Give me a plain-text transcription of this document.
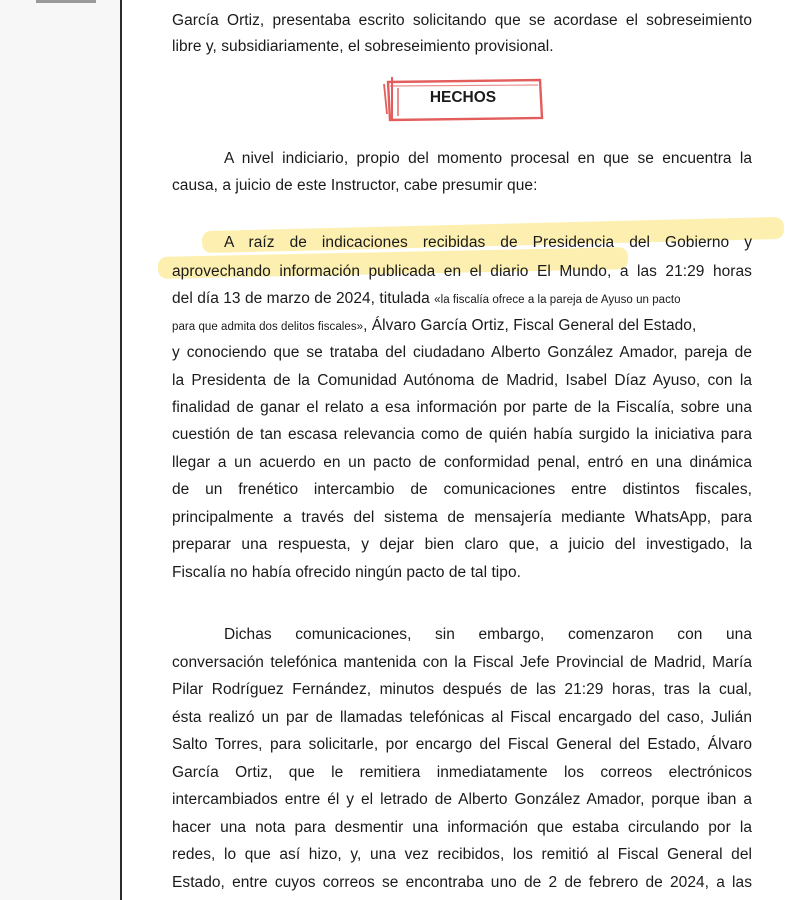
García Ortiz, presentaba escrito solicitando que se acordase el sobreseimiento
libre y, subsidiariamente, el sobreseimiento provisional.
HECHOS
A nivel indiciario, propio del momento procesal en que se encuentra la
causa, a juicio de este Instructor, cabe presumir que:
A raíz de indicaciones recibidas de Presidencia del Gobierno y
aprovechando información publicada en el diario El Mundo, a las 21:29 horas
del día 13 de marzo de 2024, titulada «la fiscalía ofrece a la pareja de Ayuso un pacto
para que admita dos delitos fiscales», Álvaro García Ortiz, Fiscal General del Estado,
y conociendo que se trataba del ciudadano Alberto González Amador, pareja de
la Presidenta de la Comunidad Autónoma de Madrid, Isabel Díaz Ayuso, con la
finalidad de ganar el relato a esa información por parte de la Fiscalía, sobre una
cuestión de tan escasa relevancia como de quién había surgido la iniciativa para
llegar a un acuerdo en un pacto de conformidad penal, entró en una dinámica
de un frenético intercambio de comunicaciones entre distintos fiscales,
principalmente a través del sistema de mensajería mediante WhatsApp, para
preparar una respuesta, y dejar bien claro que, a juicio del investigado, la
Fiscalía no había ofrecido ningún pacto de tal tipo.
Dichas comunicaciones, sin embargo, comenzaron con una
conversación telefónica mantenida con la Fiscal Jefe Provincial de Madrid, María
Pilar Rodríguez Fernández, minutos después de las 21:29 horas, tras la cual,
ésta realizó un par de llamadas telefónicas al Fiscal encargado del caso, Julián
Salto Torres, para solicitarle, por encargo del Fiscal General del Estado, Álvaro
García Ortiz, que le remitiera inmediatamente los correos electrónicos
intercambiados entre él y el letrado de Alberto González Amador, porque iban a
hacer una nota para desmentir una información que estaba circulando por la
redes, lo que así hizo, y, una vez recibidos, los remitió al Fiscal General del
Estado, entre cuyos correos se encontraba uno de 2 de febrero de 2024, a las
